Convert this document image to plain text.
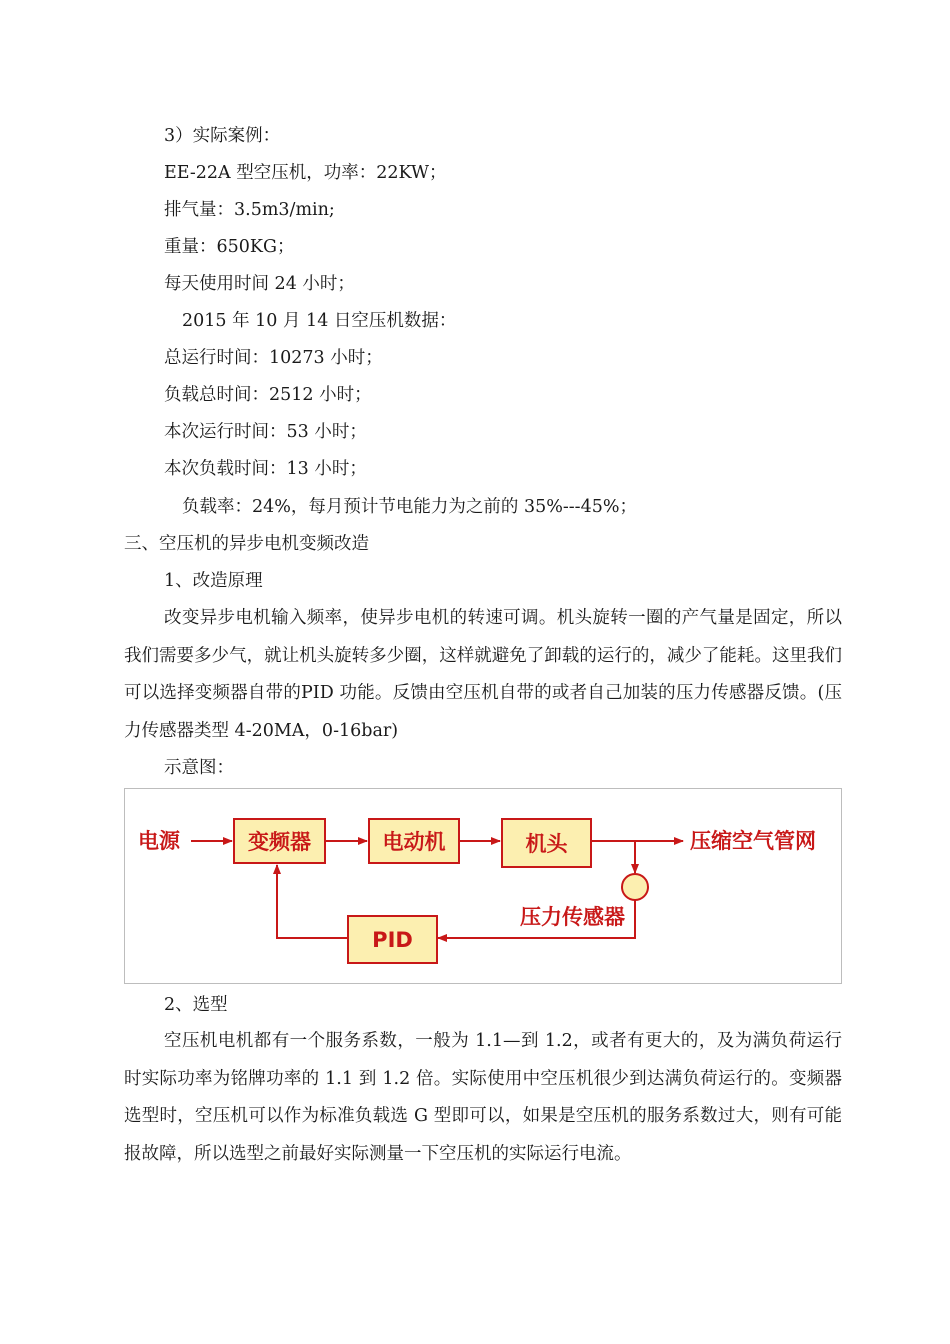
3）实际案例：
EE-22A 型空压机，功率：22KW；
排气量：3.5m3/min;
重量：650KG；
每天使用时间 24 小时；
2015 年 10 月 14 日空压机数据：
总运行时间：10273 小时；
负载总时间：2512 小时；
本次运行时间：53 小时；
本次负载时间：13 小时；
负载率：24%，每月预计节电能力为之前的 35%---45%；
三、空压机的异步电机变频改造
1、改造原理
改变异步电机输入频率，使异步电机的转速可调。机头旋转一圈的产气量是固定，所以我们需要多少气，就让机头旋转多少圈，这样就避免了卸载的运行的，减少了能耗。这里我们可以选择变频器自带的PID 功能。反馈由空压机自带的或者自己加装的压力传感器反馈。(压力传感器类型 4-20MA，0-16bar)
示意图：
电源	变频器	电动机	机头	压缩空气管网
压力传感器
PID
2、选型
空压机电机都有一个服务系数，一般为 1.1—到 1.2，或者有更大的，及为满负荷运行时实际功率为铭牌功率的 1.1 到 1.2 倍。实际使用中空压机很少到达满负荷运行的。变频器选型时，空压机可以作为标准负载选 G 型即可以，如果是空压机的服务系数过大，则有可能报故障，所以选型之前最好实际测量一下空压机的实际运行电流。
